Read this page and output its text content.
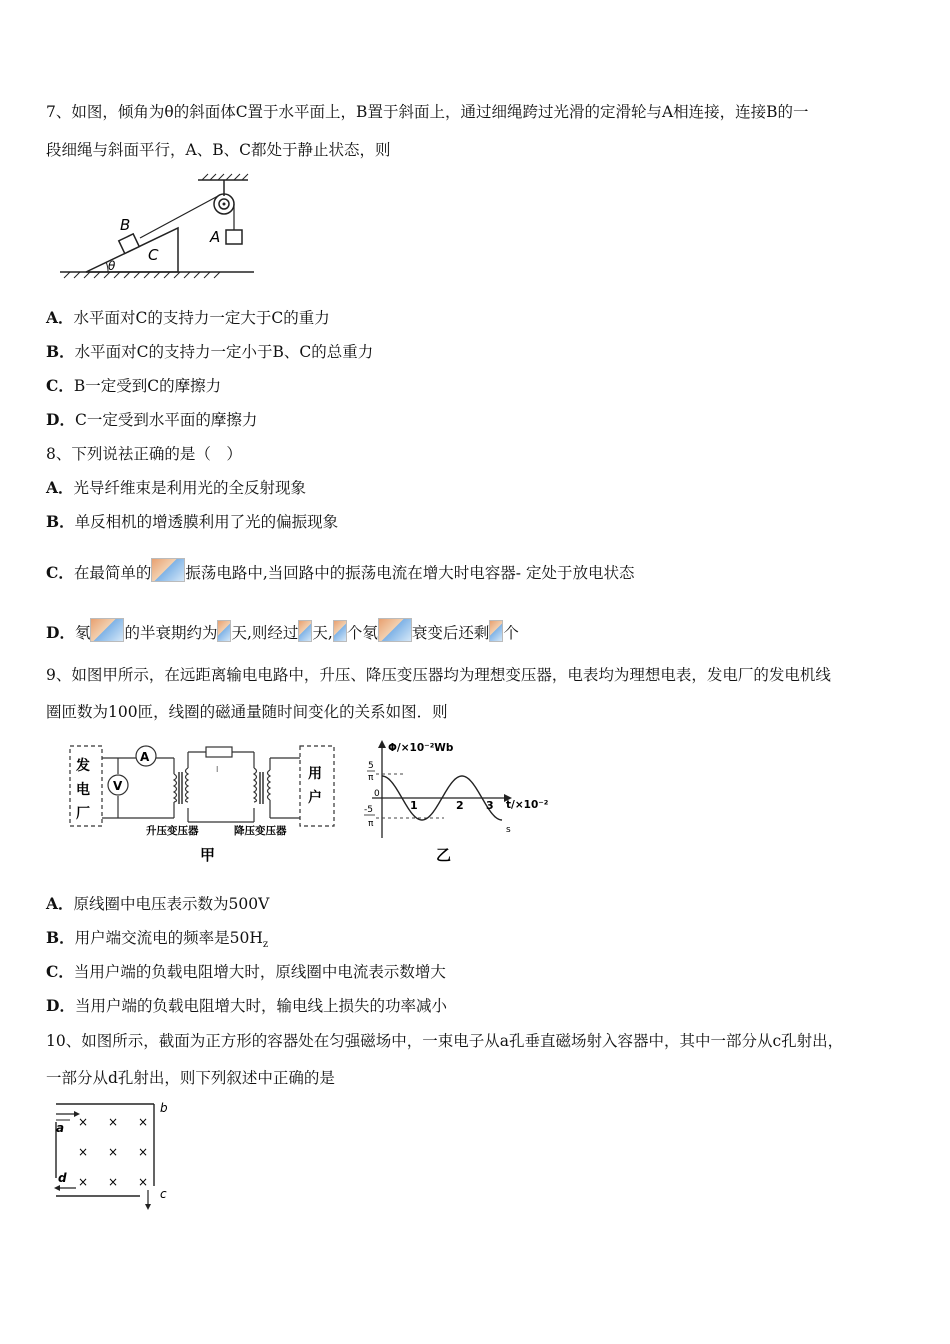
7、如图，倾角为θ的斜面体C置于水平面上，B置于斜面上，通过细绳跨过光滑的定滑轮与A相连接，连接B的一
段细绳与斜面平行，A、B、C都处于静止状态，则
B
C
A
θ
A．水平面对C的支持力一定大于C的重力
B．水平面对C的支持力一定小于B、C的总重力
C．B一定受到C的摩擦力
D．C一定受到水平面的摩擦力
8、下列说祛正确的是（　）
A．光导纤维束是利用光的全反射现象
B．单反相机的增透膜利用了光的偏振现象
C．在最简单的 振荡电路中,当回路中的振荡电流在增大时电容器- 定处于放电状态
D．氡 的半衰期约为 天,则经过 天, 个氡 衰变后还剩 个
9、如图甲所示，在远距离输电电路中，升压、降压变压器均为理想变压器，电表均为理想电表，发电厂的发电机线
圈匝数为100匝，线圈的磁通量随时间变化的关系如图．则
发
电
厂
A
V
I	用
户
升压变压器	降压变压器
甲
Φ/×10⁻²Wb
t/×10⁻²
s
5
π
-5
π
0
1	2 3
乙
A．原线圈中电压表示数为500V
B．用户端交流电的频率是$50H_z$
C．当用户端的负载电阻增大时，原线圈中电流表示数增大
D．当用户端的负载电阻增大时，输电线上损失的功率减小
10、如图所示，截面为正方形的容器处在匀强磁场中，一束电子从a孔垂直磁场射入容器中，其中一部分从c孔射出，
一部分从d孔射出，则下列叙述中正确的是
a
b
c
d
× × ×
× × ×
× × ×
